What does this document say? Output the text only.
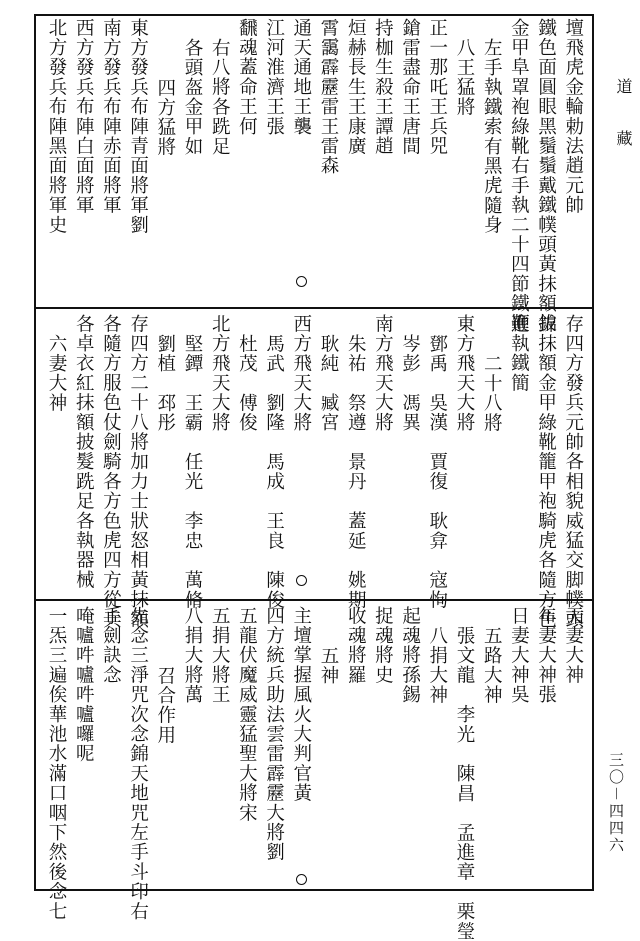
道　藏
三〇－四四六
壇飛虎金輪勅法趙元帥
鐵色面圓眼黑鬚鬚戴鐵幞頭黃抹額拔
金甲阜罩袍綠靴右手執二十四節鐵鞭
左手執鐵索有黑虎隨身
八王猛將
正一那吒王兵兕
鎗雷盡命王唐間
持枷生殺王譚趙
烜赫長生王康廣
霄靄霹靂雷王雷森
通天通地王襲
江河淮濟王張
飜魂蓋命王何
右八將各跣足
各頭盔金甲如
四方猛將
東方發兵布陣青面將軍劉
南方發兵布陣赤面將軍
西方發兵布陣白面將軍
北方發兵布陣黑面將軍史
存四方發兵元帥各相貌威猛交脚幞頭
錦抹額金甲綠靴籠甲袍騎虎各隨方色
進執鐵簡
二十八將
東方飛天大將
鄧禹　吳漢　賈復　耿弇　寇恂
岑彭　馮異
南方飛天大將
朱祐　祭遵　景丹　蓋延　姚期
耿純　臧宮
西方飛天大將
馬武　劉隆　馬成　王良　陳俊
杜茂　傅俊
北方飛天大將
堅鐔　王霸　任光　李忠　萬脩
劉植　邳彤
存四方二十八將加力士狀怒相黃抹額
各隨方服色仗劍騎各方色虎四方從兵
各卓衣紅抹額披髮跣足各執器械
六妻大神
天妻大神
年妻大神張
日妻大神吳
五路大神
張文龍　李光　陳昌　孟進章　栗瑩
八捐大神
起魂將孫錫
捉魂將史
收魂將羅
五神
主壇掌握風火大判官黃
四方統兵助法雲雷霹靂大將劉
五龍伏魔威靈猛聖大將宋
五捐大將王
八捐大將萬
召合作用
先念三淨咒次念錦天地咒左手斗印右
手劍訣念
唵嚧吽嚧吽嚧囉呢
一炁三遍俟華池水滿口咽下然後念七
